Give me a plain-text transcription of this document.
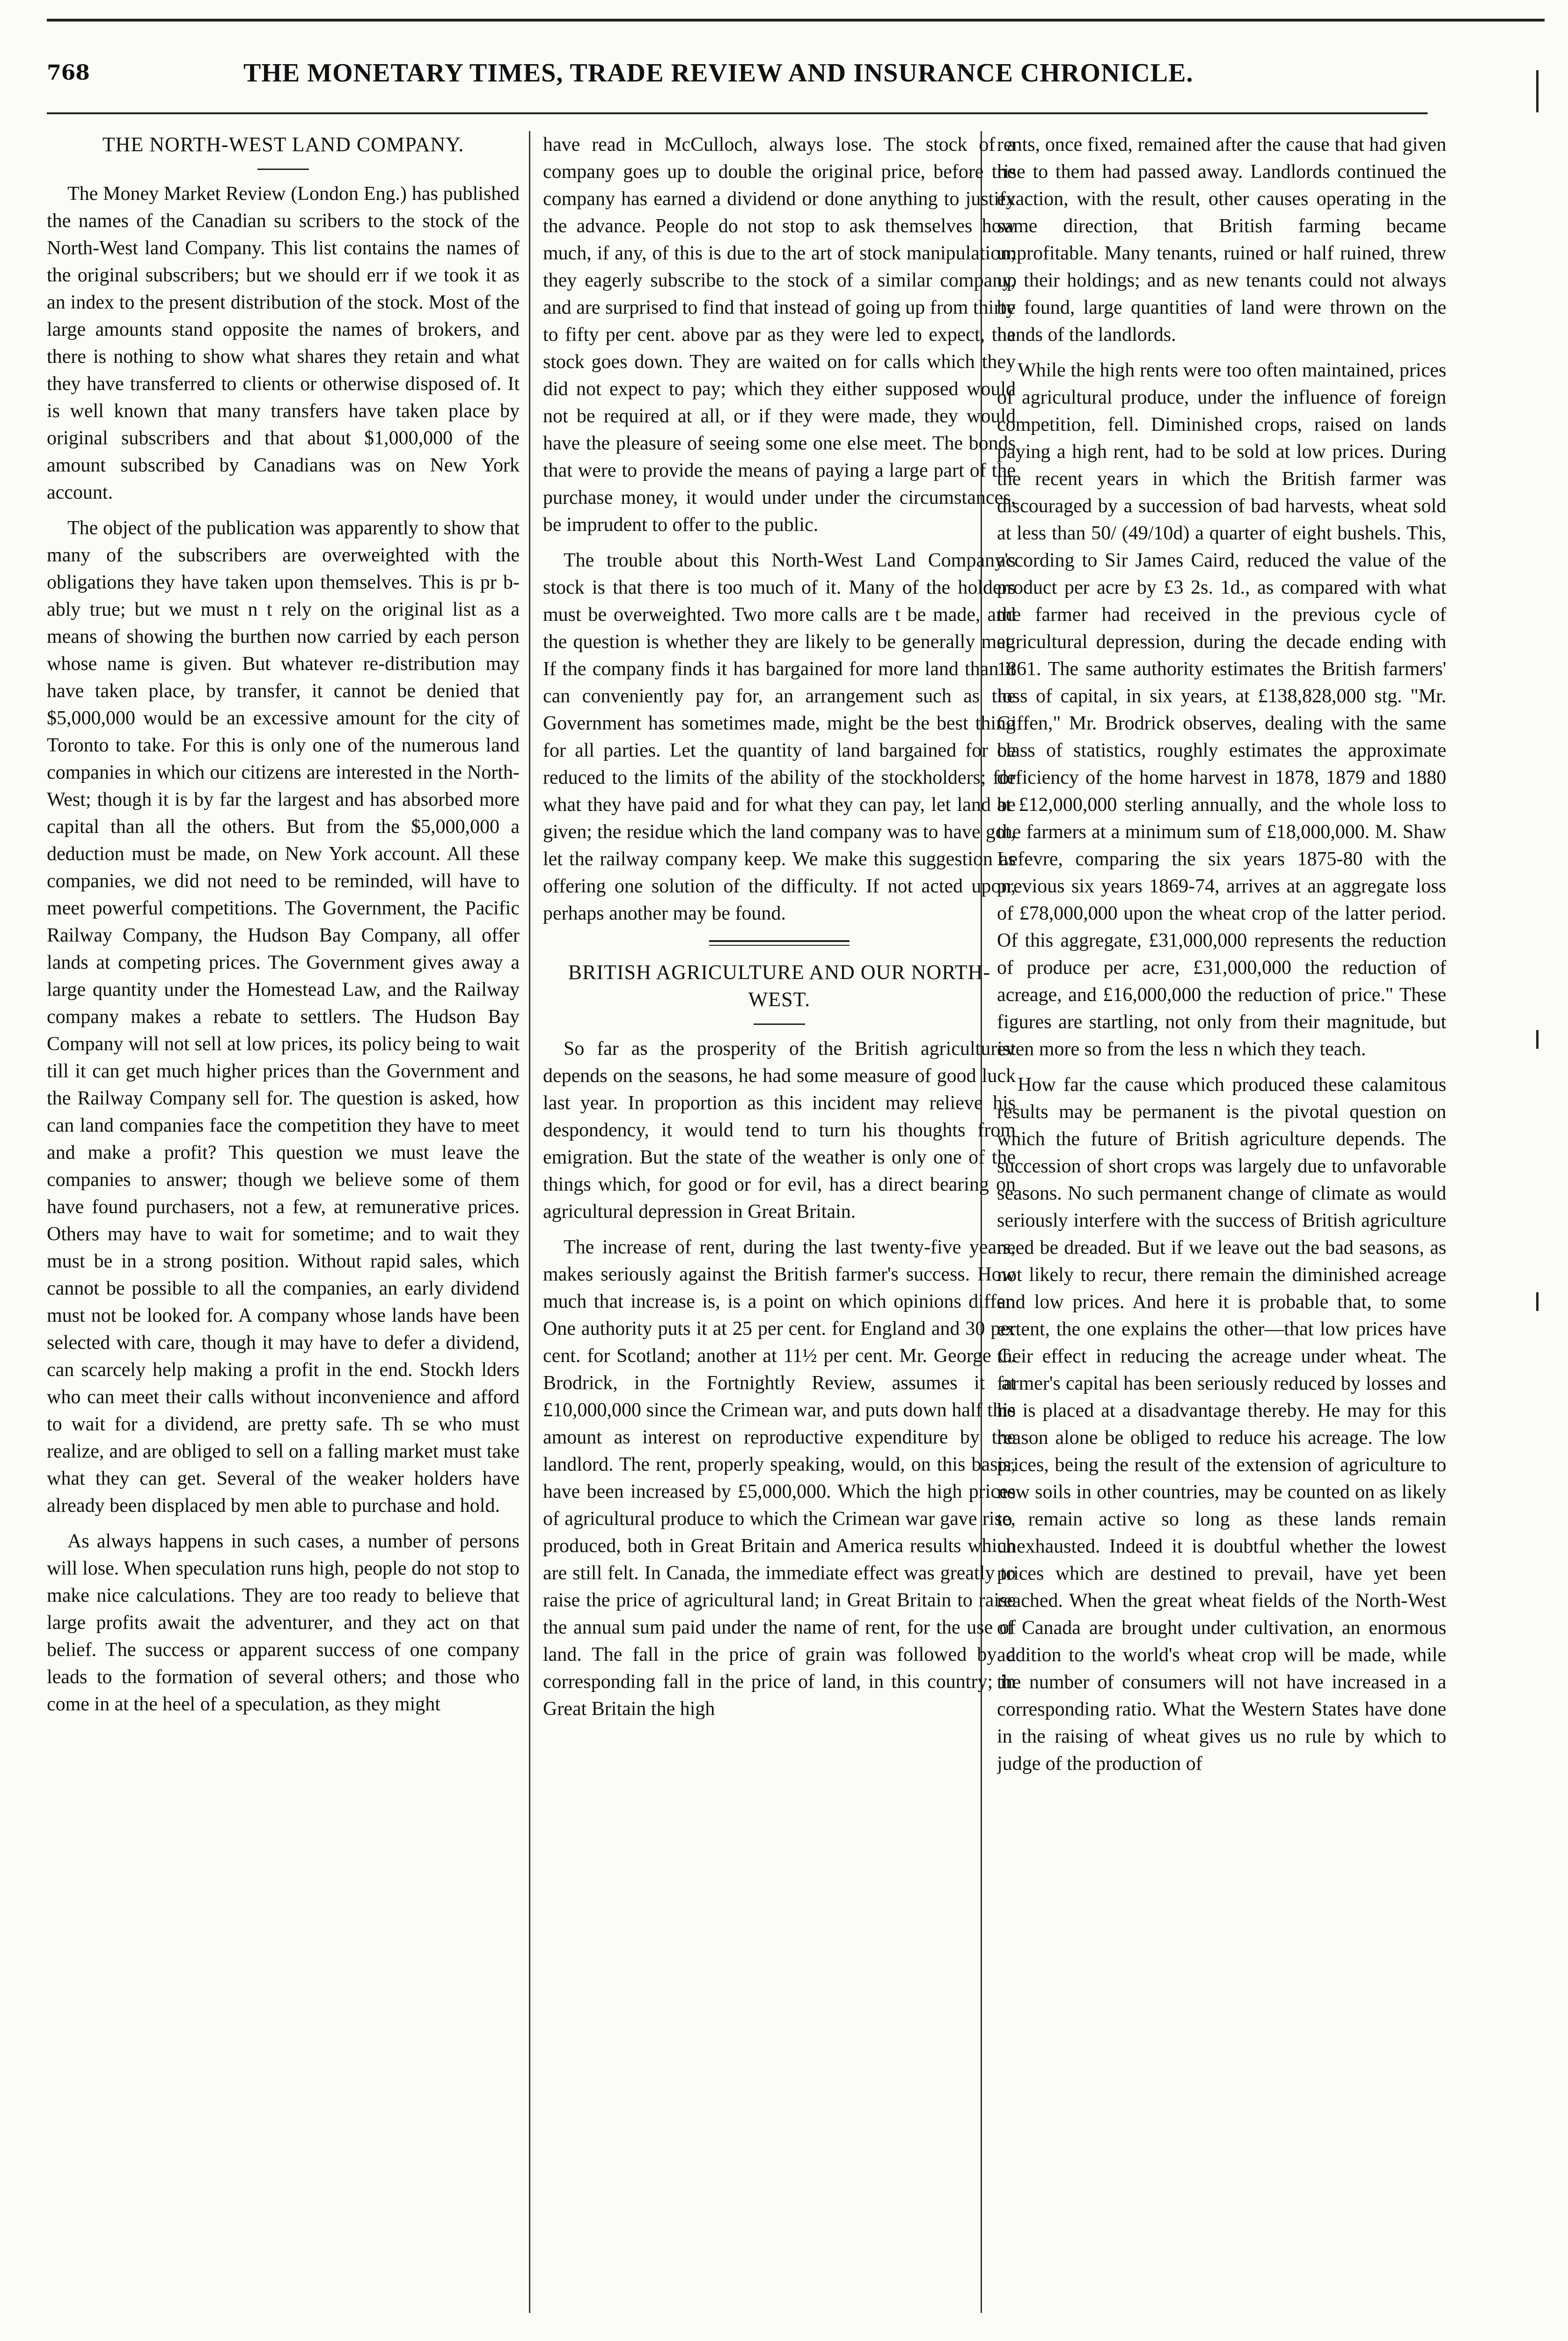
768	THE MONETARY TIMES, TRADE REVIEW AND INSURANCE CHRONICLE.
THE NORTH-WEST LAND COMPANY.

The Money Market Review (London Eng.) has published the names of the Canadian su scribers to the stock of the North-West land Company. This list contains the names of the original subscribers; but we should err if we took it as an index to the present distribution of the stock. Most of the large amounts stand opposite the names of brokers, and there is nothing to show what shares they retain and what they have transferred to clients or otherwise disposed of. It is well known that many transfers have taken place by original subscribers and that about $1,000,000 of the amount subscribed by Canadians was on New York account.

The object of the publication was apparently to show that many of the subscribers are overweighted with the obligations they have taken upon themselves. This is pr b-ably true; but we must n t rely on the original list as a means of showing the burthen now carried by each person whose name is given. But whatever re-distribution may have taken place, by transfer, it cannot be denied that $5,000,000 would be an excessive amount for the city of Toronto to take. For this is only one of the numerous land companies in which our citizens are interested in the North-West; though it is by far the largest and has absorbed more capital than all the others. But from the $5,000,000 a deduction must be made, on New York account. All these companies, we did not need to be reminded, will have to meet powerful competitions. The Government, the Pacific Railway Company, the Hudson Bay Company, all offer lands at competing prices. The Government gives away a large quantity under the Homestead Law, and the Railway company makes a rebate to settlers. The Hudson Bay Company will not sell at low prices, its policy being to wait till it can get much higher prices than the Government and the Railway Company sell for. The question is asked, how can land companies face the competition they have to meet and make a profit? This question we must leave the companies to answer; though we believe some of them have found purchasers, not a few, at remunerative prices. Others may have to wait for sometime; and to wait they must be in a strong position. Without rapid sales, which cannot be possible to all the companies, an early dividend must not be looked for. A company whose lands have been selected with care, though it may have to defer a dividend, can scarcely help making a profit in the end. Stockh lders who can meet their calls without inconvenience and afford to wait for a dividend, are pretty safe. Th se who must realize, and are obliged to sell on a falling market must take what they can get. Several of the weaker holders have already been displaced by men able to purchase and hold.

As always happens in such cases, a number of persons will lose. When speculation runs high, people do not stop to make nice calculations. They are too ready to believe that large profits await the adventurer, and they act on that belief. The success or apparent success of one company leads to the formation of several others; and those who come in at the heel of a speculation, as they might

have read in McCulloch, always lose. The stock of a company goes up to double the original price, before the company has earned a dividend or done anything to justify the advance. People do not stop to ask themselves how much, if any, of this is due to the art of stock manipulation; they eagerly subscribe to the stock of a similar company, and are surprised to find that instead of going up from thirty to fifty per cent. above par as they were led to expect, the stock goes down. They are waited on for calls which they did not expect to pay; which they either supposed would not be required at all, or if they were made, they would have the pleasure of seeing some one else meet. The bonds that were to provide the means of paying a large part of the purchase money, it would under under the circumstances, be imprudent to offer to the public.

The trouble about this North-West Land Company's stock is that there is too much of it. Many of the holders must be overweighted. Two more calls are t be made, and the question is whether they are likely to be generally met. If the company finds it has bargained for more land than it can conveniently pay for, an arrangement such as the Government has sometimes made, might be the best thing for all parties. Let the quantity of land bargained for be reduced to the limits of the ability of the stockholders; for what they have paid and for what they can pay, let land be given; the residue which the land company was to have got, let the railway company keep. We make this suggestion as offering one solution of the difficulty. If not acted upon, perhaps another may be found.

BRITISH AGRICULTURE AND OUR NORTH-WEST.

So far as the prosperity of the British agriculturist depends on the seasons, he had some measure of good luck last year. In proportion as this incident may relieve his despondency, it would tend to turn his thoughts from emigration. But the state of the weather is only one of the things which, for good or for evil, has a direct bearing on agricultural depression in Great Britain.

The increase of rent, during the last twenty-five years, makes seriously against the British farmer's success. How much that increase is, is a point on which opinions differ. One authority puts it at 25 per cent. for England and 30 per cent. for Scotland; another at 11½ per cent. Mr. George C. Brodrick, in the Fortnightly Review, assumes it at £10,000,000 since the Crimean war, and puts down half this amount as interest on reproductive expenditure by the landlord. The rent, properly speaking, would, on this basis, have been increased by £5,000,000. Which the high prices of agricultural produce to which the Crimean war gave rise, produced, both in Great Britain and America results which are still felt. In Canada, the immediate effect was greatly to raise the price of agricultural land; in Great Britain to raise the annual sum paid under the name of rent, for the use of land. The fall in the price of grain was followed by a corresponding fall in the price of land, in this country; in Great Britain the high

rents, once fixed, remained after the cause that had given rise to them had passed away. Landlords continued the exaction, with the result, other causes operating in the same direction, that British farming became unprofitable. Many tenants, ruined or half ruined, threw up their holdings; and as new tenants could not always be found, large quantities of land were thrown on the hands of the landlords.

While the high rents were too often maintained, prices of agricultural produce, under the influence of foreign competition, fell. Diminished crops, raised on lands paying a high rent, had to be sold at low prices. During the recent years in which the British farmer was discouraged by a succession of bad harvests, wheat sold at less than 50/ (49/10d) a quarter of eight bushels. This, according to Sir James Caird, reduced the value of the product per acre by £3 2s. 1d., as compared with what the farmer had received in the previous cycle of agricultural depression, during the decade ending with 1861. The same authority estimates the British farmers' loss of capital, in six years, at £138,828,000 stg. "Mr. Giffen," Mr. Brodrick observes, dealing with the same class of statistics, roughly estimates the approximate deficiency of the home harvest in 1878, 1879 and 1880 at £12,000,000 sterling annually, and the whole loss to the farmers at a minimum sum of £18,000,000. M. Shaw Lefevre, comparing the six years 1875-80 with the previous six years 1869-74, arrives at an aggregate loss of £78,000,000 upon the wheat crop of the latter period. Of this aggregate, £31,000,000 represents the reduction of produce per acre, £31,000,000 the reduction of acreage, and £16,000,000 the reduction of price." These figures are startling, not only from their magnitude, but even more so from the less n which they teach.

How far the cause which produced these calamitous results may be permanent is the pivotal question on which the future of British agriculture depends. The succession of short crops was largely due to unfavorable seasons. No such permanent change of climate as would seriously interfere with the success of British agriculture need be dreaded. But if we leave out the bad seasons, as not likely to recur, there remain the diminished acreage and low prices. And here it is probable that, to some extent, the one explains the other—that low prices have their effect in reducing the acreage under wheat. The farmer's capital has been seriously reduced by losses and he is placed at a disadvantage thereby. He may for this reason alone be obliged to reduce his acreage. The low prices, being the result of the extension of agriculture to new soils in other countries, may be counted on as likely to remain active so long as these lands remain unexhausted. Indeed it is doubtful whether the lowest prices which are destined to prevail, have yet been reached. When the great wheat fields of the North-West of Canada are brought under cultivation, an enormous addition to the world's wheat crop will be made, while the number of consumers will not have increased in a corresponding ratio. What the Western States have done in the raising of wheat gives us no rule by which to judge of the production of
